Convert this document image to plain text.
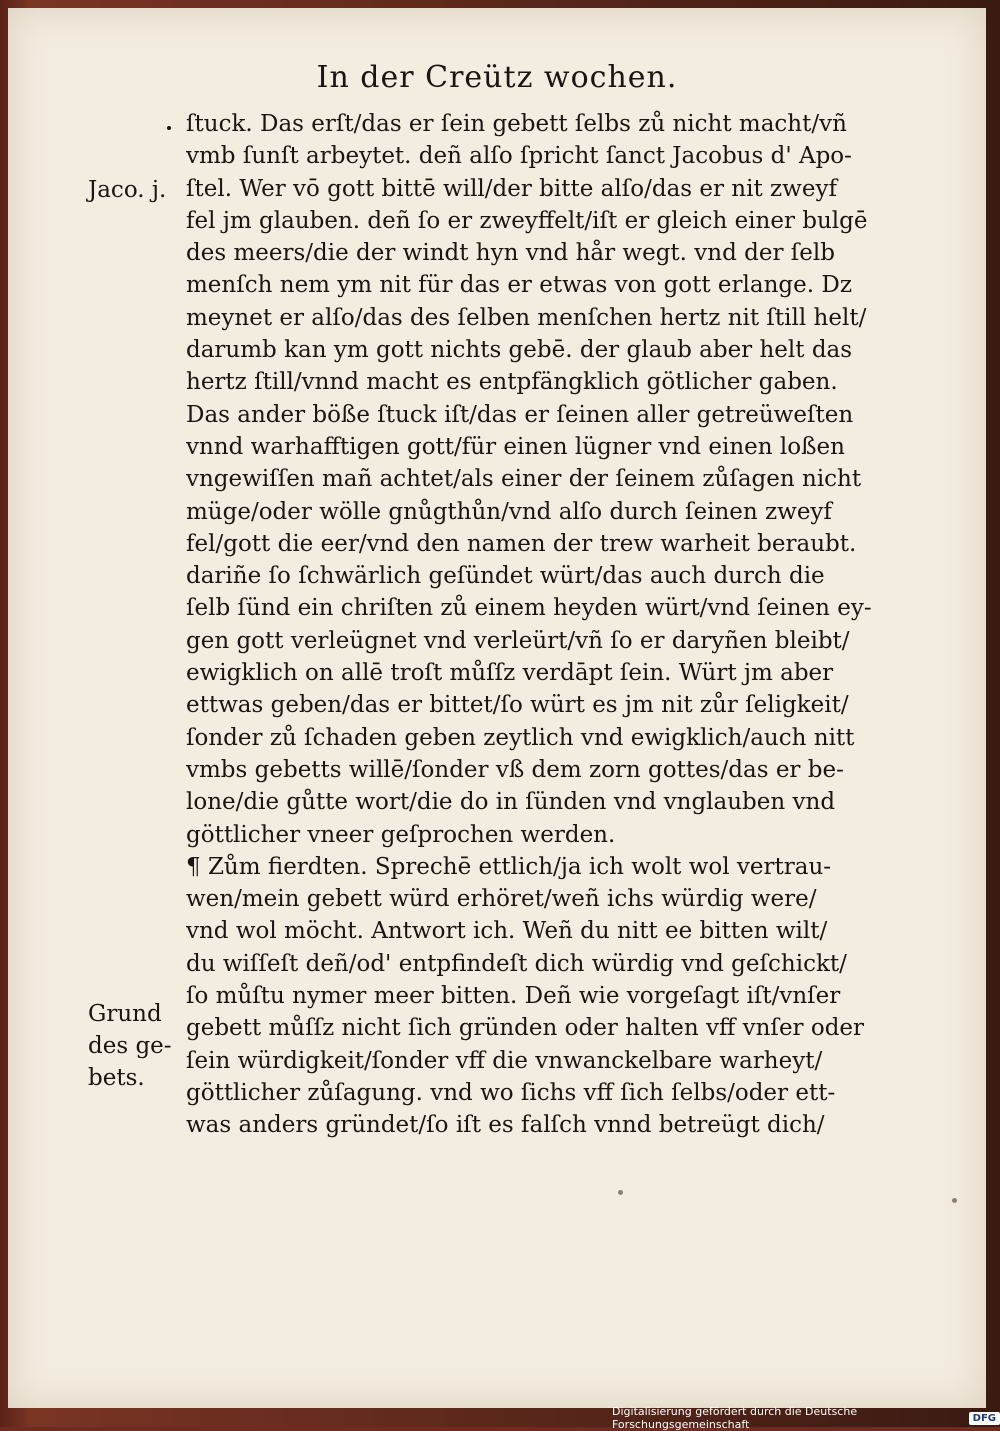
In der Creütz wochen.
ſtuck. Das erſt/das er ſein gebett ſelbs zů nicht macht/vñ
vmb ſunſt arbeytet. deñ alſo ſpricht ſanct Jacobus d' Apo-
ſtel. Wer vō gott bittē will/der bitte alſo/das er nit zweyf
fel jm glauben. deñ ſo er zweyffelt/iſt er gleich einer bulgē
des meers/die der windt hyn vnd hår wegt. vnd der ſelb
menſch nem ym nit für das er etwas von gott erlange. Dz
meynet er alſo/das des ſelben menſchen hertz nit ſtill helt/
darumb kan ym gott nichts gebē. der glaub aber helt das
hertz ſtill/vnnd macht es entpfängklich götlicher gaben.
Das ander böße ſtuck iſt/das er ſeinen aller getreüweſten
vnnd warhafftigen gott/für einen lügner vnd einen loßen
vngewiſſen mañ achtet/als einer der ſeinem zůſagen nicht
müge/oder wölle gnůgthůn/vnd alſo durch ſeinen zweyf
fel/gott die eer/vnd den namen der trew warheit beraubt.
dariñe ſo ſchwärlich geſündet würt/das auch durch die
ſelb ſünd ein chriſten zů einem heyden würt/vnd ſeinen ey-
gen gott verleügnet vnd verleürt/vñ ſo er daryñen bleibt/
ewigklich on allē troſt můſſz verdāpt ſein. Würt jm aber
ettwas geben/das er bittet/ſo würt es jm nit zůr ſeligkeit/
ſonder zů ſchaden geben zeytlich vnd ewigklich/auch nitt
vmbs gebetts willē/ſonder vß dem zorn gottes/das er be-
lone/die gůtte wort/die do in ſünden vnd vnglauben vnd
göttlicher vneer geſprochen werden.
¶ Zům fierdten. Sprechē ettlich/ja ich wolt wol vertrau-
wen/mein gebett würd erhöret/weñ ichs würdig were/
vnd wol möcht. Antwort ich. Weñ du nitt ee bitten wilt/
du wiſſeſt deñ/od' entpfindeſt dich würdig vnd geſchickt/
ſo můſtu nymer meer bitten. Deñ wie vorgeſagt iſt/vnſer
gebett můſſz nicht ſich gründen oder halten vff vnſer oder
ſein würdigkeit/ſonder vff die vnwanckelbare warheyt/
göttlicher zůſagung. vnd wo ſichs vff ſich ſelbs/oder ett-
was anders gründet/ſo iſt es falſch vnnd betreügt dich/
Jaco. j.
Grund
des ge-
bets.
Digitalisierung gefördert durch die Deutsche Forschungsgemeinschaft	DFG
